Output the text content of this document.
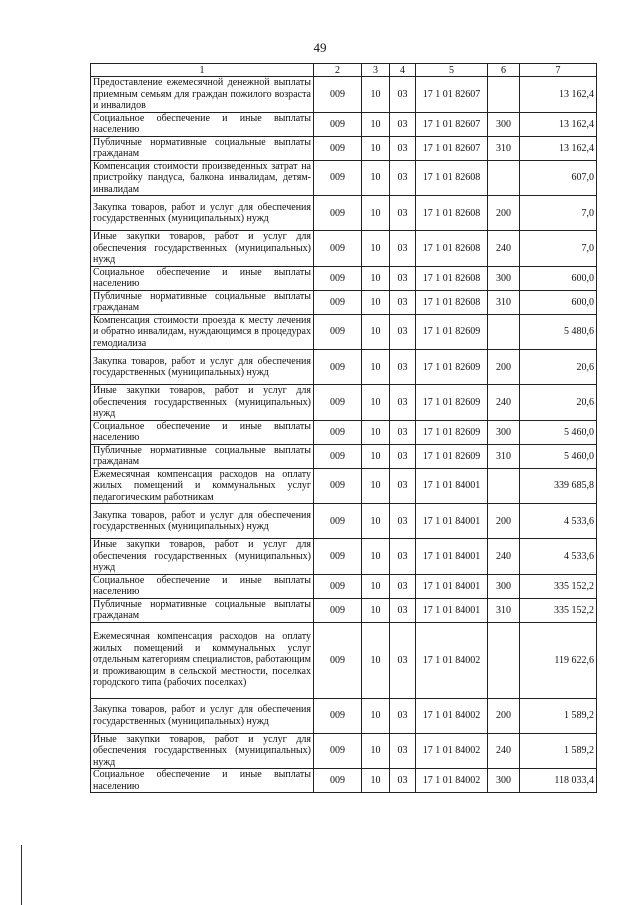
49
1	2	3	4	5	6	7
Предоставление ежемесячной денежной выплаты приемным семьям для граждан пожилого возраста и инвалидов	009	10	03	17 1 01 82607		13 162,4
Социальное обеспечение и иные выплаты населению	009	10	03	17 1 01 82607	300	13 162,4
Публичные нормативные социальные выплаты гражданам	009	10	03	17 1 01 82607	310	13 162,4
Компенсация стоимости произведенных затрат на пристройку пандуса, балкона инвалидам, детям-инвалидам	009	10	03	17 1 01 82608		607,0
Закупка товаров, работ и услуг для обеспечения государственных (муниципальных) нужд	009	10	03	17 1 01 82608	200	7,0
Иные закупки товаров, работ и услуг для обеспечения государственных (муниципальных) нужд	009	10	03	17 1 01 82608	240	7,0
Социальное обеспечение и иные выплаты населению	009	10	03	17 1 01 82608	300	600,0
Публичные нормативные социальные выплаты гражданам	009	10	03	17 1 01 82608	310	600,0
Компенсация стоимости проезда к месту лечения и обратно инвалидам, нуждающимся в процедурах гемодиализа	009	10	03	17 1 01 82609		5 480,6
Закупка товаров, работ и услуг для обеспечения государственных (муниципальных) нужд	009	10	03	17 1 01 82609	200	20,6
Иные закупки товаров, работ и услуг для обеспечения государственных (муниципальных) нужд	009	10	03	17 1 01 82609	240	20,6
Социальное обеспечение и иные выплаты населению	009	10	03	17 1 01 82609	300	5 460,0
Публичные нормативные социальные выплаты гражданам	009	10	03	17 1 01 82609	310	5 460,0
Ежемесячная компенсация расходов на оплату жилых помещений и коммунальных услуг педагогическим работникам	009	10	03	17 1 01 84001		339 685,8
Закупка товаров, работ и услуг для обеспечения государственных (муниципальных) нужд	009	10	03	17 1 01 84001	200	4 533,6
Иные закупки товаров, работ и услуг для обеспечения государственных (муниципальных) нужд	009	10	03	17 1 01 84001	240	4 533,6
Социальное обеспечение и иные выплаты населению	009	10	03	17 1 01 84001	300	335 152,2
Публичные нормативные социальные выплаты гражданам	009	10	03	17 1 01 84001	310	335 152,2
Ежемесячная компенсация расходов на оплату жилых помещений и коммунальных услуг отдельным категориям специалистов, работающим и проживающим в сельской местности, поселках городского типа (рабочих поселках)	009	10	03	17 1 01 84002		119 622,6
Закупка товаров, работ и услуг для обеспечения государственных (муниципальных) нужд	009	10	03	17 1 01 84002	200	1 589,2
Иные закупки товаров, работ и услуг для обеспечения государственных (муниципальных) нужд	009	10	03	17 1 01 84002	240	1 589,2
Социальное обеспечение и иные выплаты населению	009	10	03	17 1 01 84002	300	118 033,4
